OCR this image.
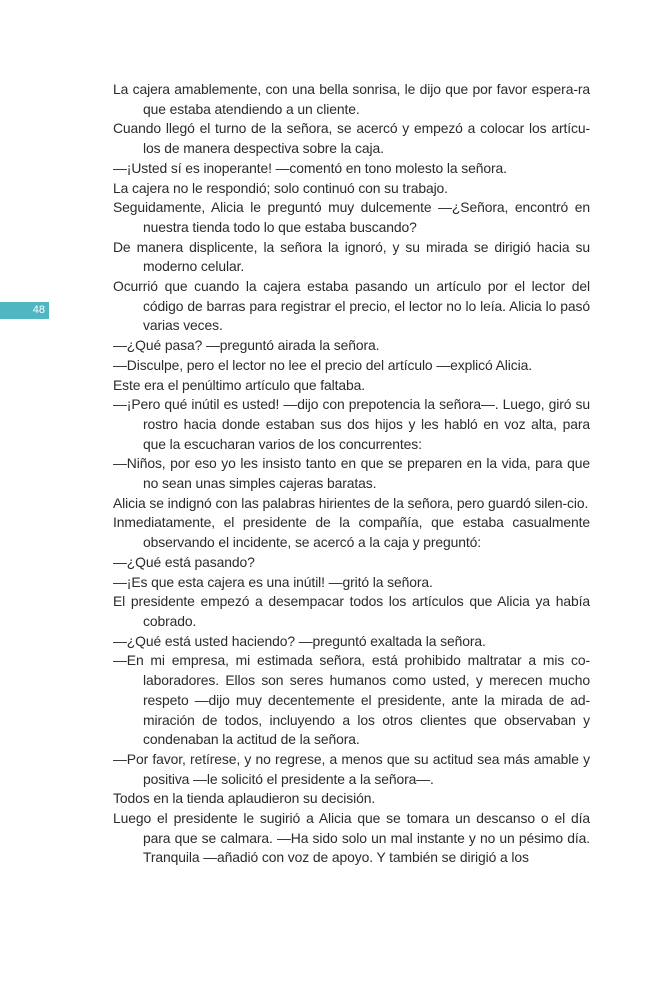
48

La cajera amablemente, con una bella sonrisa, le dijo que por favor espera-ra que estaba atendiendo a un cliente.

Cuando llegó el turno de la señora, se acercó y empezó a colocar los artícu-los de manera despectiva sobre la caja.

—¡Usted sí es inoperante! —comentó en tono molesto la señora.

La cajera no le respondió; solo continuó con su trabajo.

Seguidamente, Alicia le preguntó muy dulcemente —¿Señora, encontró en nuestra tienda todo lo que estaba buscando?

De manera displicente, la señora la ignoró, y su mirada se dirigió hacia su moderno celular.

Ocurrió que cuando la cajera estaba pasando un artículo por el lector del código de barras para registrar el precio, el lector no lo leía. Alicia lo pasó varias veces.

—¿Qué pasa? —preguntó airada la señora.

—Disculpe, pero el lector no lee el precio del artículo —explicó Alicia.

Este era el penúltimo artículo que faltaba.

—¡Pero qué inútil es usted! —dijo con prepotencia la señora—. Luego, giró su rostro hacia donde estaban sus dos hijos y les habló en voz alta, para que la escucharan varios de los concurrentes:

—Niños, por eso yo les insisto tanto en que se preparen en la vida, para que no sean unas simples cajeras baratas.

Alicia se indignó con las palabras hirientes de la señora, pero guardó silen-cio.

Inmediatamente, el presidente de la compañía, que estaba casualmente observando el incidente, se acercó a la caja y preguntó:

—¿Qué está pasando?

—¡Es que esta cajera es una inútil! —gritó la señora.

El presidente empezó a desempacar todos los artículos que Alicia ya había cobrado.

—¿Qué está usted haciendo? —preguntó exaltada la señora.

—En mi empresa, mi estimada señora, está prohibido maltratar a mis co-laboradores. Ellos son seres humanos como usted, y merecen mucho respeto —dijo muy decentemente el presidente, ante la mirada de ad-miración de todos, incluyendo a los otros clientes que observaban y condenaban la actitud de la señora.

—Por favor, retírese, y no regrese, a menos que su actitud sea más amable y positiva —le solicitó el presidente a la señora—.

Todos en la tienda aplaudieron su decisión.

Luego el presidente le sugirió a Alicia que se tomara un descanso o el día para que se calmara. —Ha sido solo un mal instante y no un pésimo día. Tranquila —añadió con voz de apoyo. Y también se dirigió a los
